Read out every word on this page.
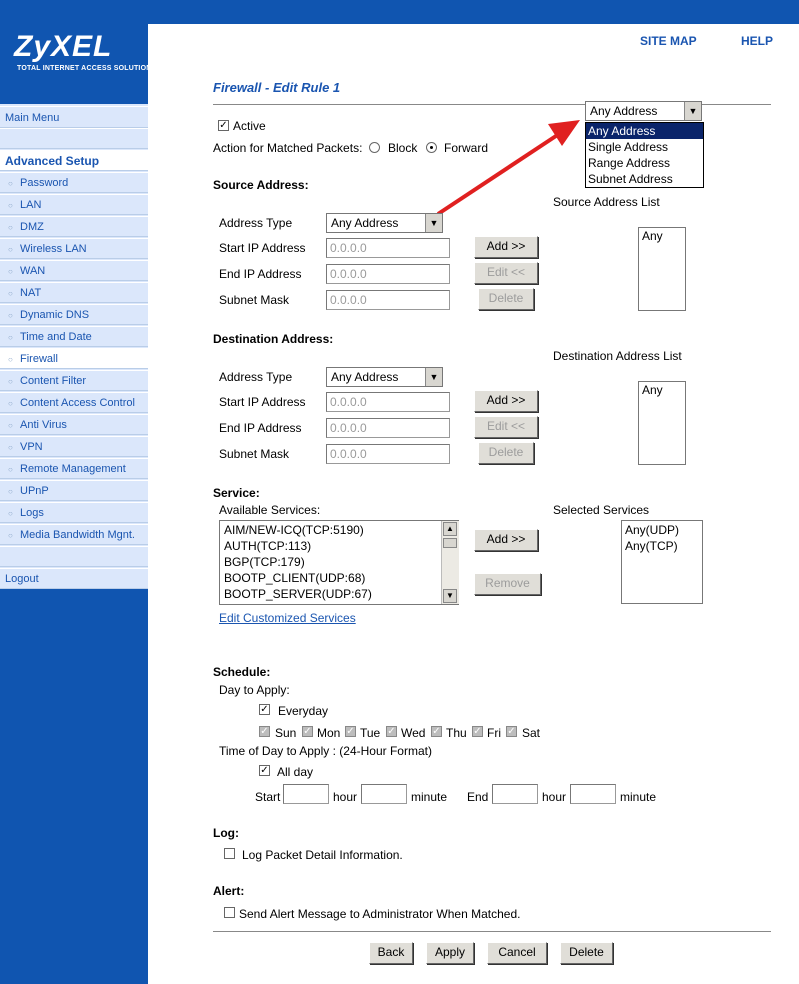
ZyXEL
TOTAL INTERNET ACCESS SOLUTION
SITE MAP	HELP
Main Menu
Advanced Setup
○ Password
○ LAN
○ DMZ
○ Wireless LAN
○ WAN
○ NAT
○ Dynamic DNS
○ Time and Date
○ Firewall
○ Content Filter
○ Content Access Control
○ Anti Virus
○ VPN
○ Remote Management
○ UPnP
○ Logs
○ Media Bandwidth Mgnt.
Logout
Firewall - Edit Rule 1
Any Address	▼
Any Address
Single Address
Range Address
Subnet Address
✓ Active
Action for Matched Packets: Block Forward
Source Address:
Source Address List
Address Type	Any Address	▼
Start IP Address	0.0.0.0
End IP Address	0.0.0.0
Subnet Mask	0.0.0.0
Add >>
Edit <<
Delete
Any
Destination Address:
Destination Address List
Address Type	Any Address	▼
Start IP Address	0.0.0.0
End IP Address	0.0.0.0
Subnet Mask	0.0.0.0
Add >>
Edit <<
Delete
Any
Service:
Available Services:	Selected Services
AIM/NEW-ICQ(TCP:5190)
AUTH(TCP:113)
BGP(TCP:179)
BOOTP_CLIENT(UDP:68)
BOOTP_SERVER(UDP:67)
▲
▼
Add >>
Remove
Any(UDP)
Any(TCP)
Edit Customized Services
Schedule:
Day to Apply:
✓ Everyday
✓ Sun ✓ Mon ✓ Tue ✓ Wed ✓ Thu ✓ Fri ✓ Sat
Time of Day to Apply : (24-Hour Format)
✓ All day
Start	hour	minute End	hour	minute
Log:
Log Packet Detail Information.
Alert:
Send Alert Message to Administrator When Matched.
Back	Apply	Cancel	Delete
